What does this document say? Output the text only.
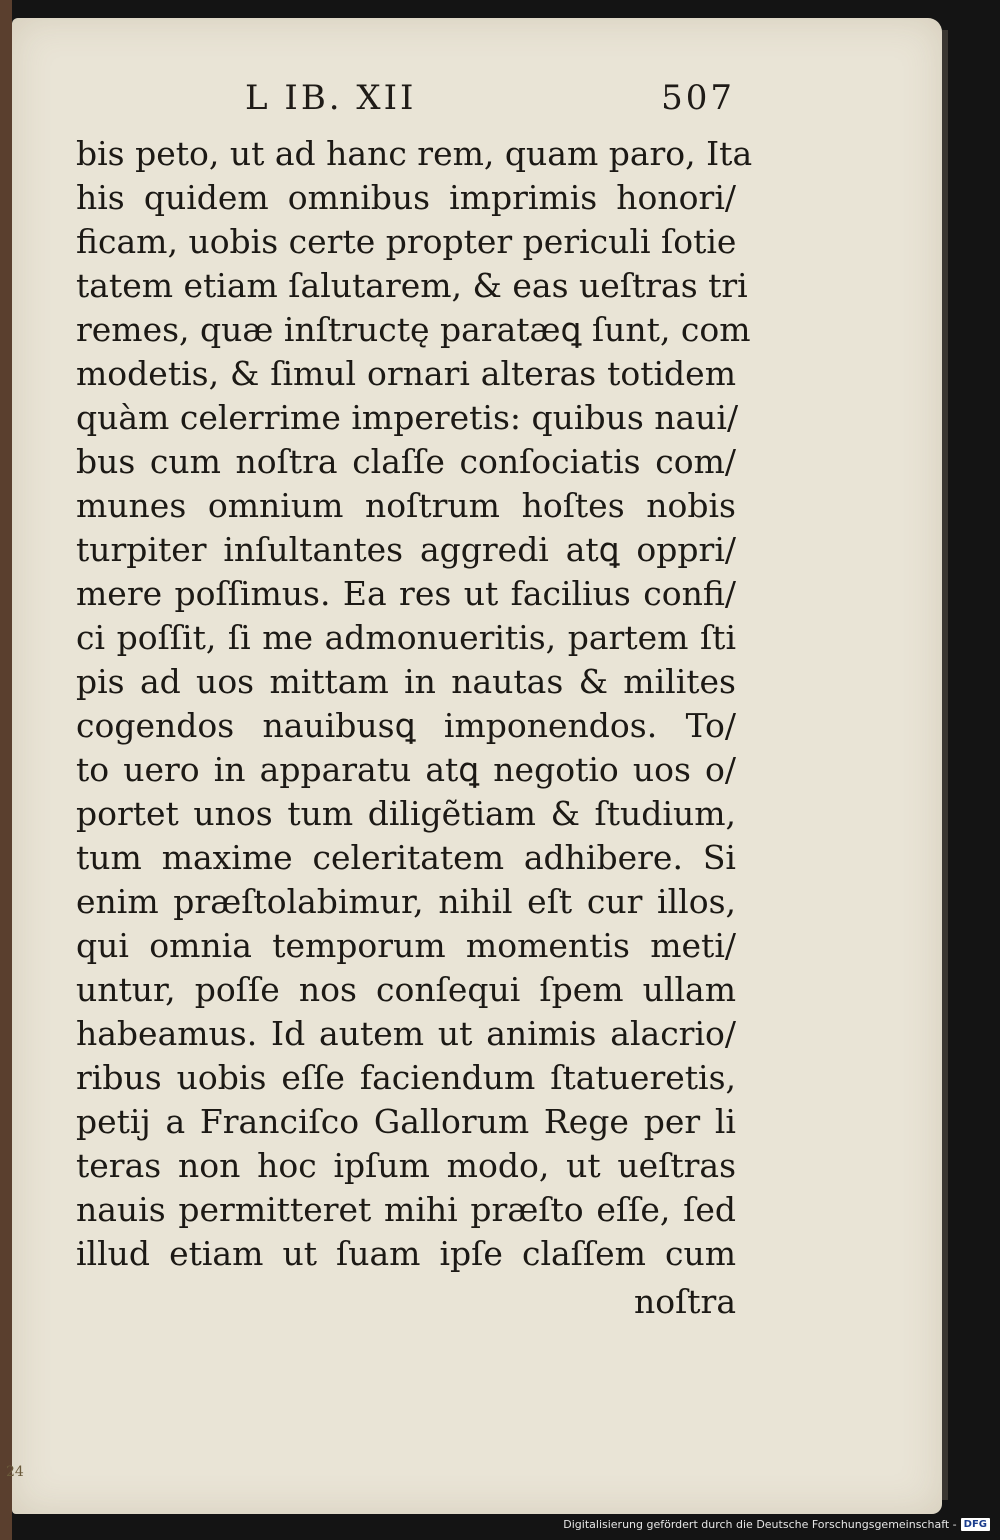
L IB. XII	507
bis peto, ut ad hanc rem, quam paro, Ita
his quidem omnibus imprimis honori/
ficam, uobis certe propter periculi ſotie
tatem etiam ſalutarem, & eas ueſtras tri
remes, quæ inſtructę paratæꝗ ſunt, com
modetis, & ſimul ornari alteras totidem
quàm celerrime imperetis: quibus naui/
bus cum noſtra claſſe conſociatis com/
munes omnium noſtrum hoſtes nobis
turpiter inſultantes aggredi atꝗ oppri/
mere poſſimus. Ea res ut facilius confi/
ci poſſit, ſi me admonueritis, partem ſti
pis ad uos mittam in nautas & milites
cogendos nauibusꝗ imponendos. To/
to uero in apparatu atꝗ negotio uos o/
portet unos tum diligẽtiam & ſtudium,
tum maxime celeritatem adhibere. Si
enim præſtolabimur, nihil eſt cur illos,
qui omnia temporum momentis meti/
untur, poſſe nos conſequi ſpem ullam
habeamus. Id autem ut animis alacrio/
ribus uobis eſſe faciendum ſtatueretis,
petij a Franciſco Gallorum Rege per li
teras non hoc ipſum modo, ut ueſtras
nauis permitteret mihi præſto eſſe, ſed
illud etiam ut ſuam ipſe claſſem cum
noſtra
24
Digitalisierung gefördert durch die Deutsche Forschungsgemeinschaft - DFG
